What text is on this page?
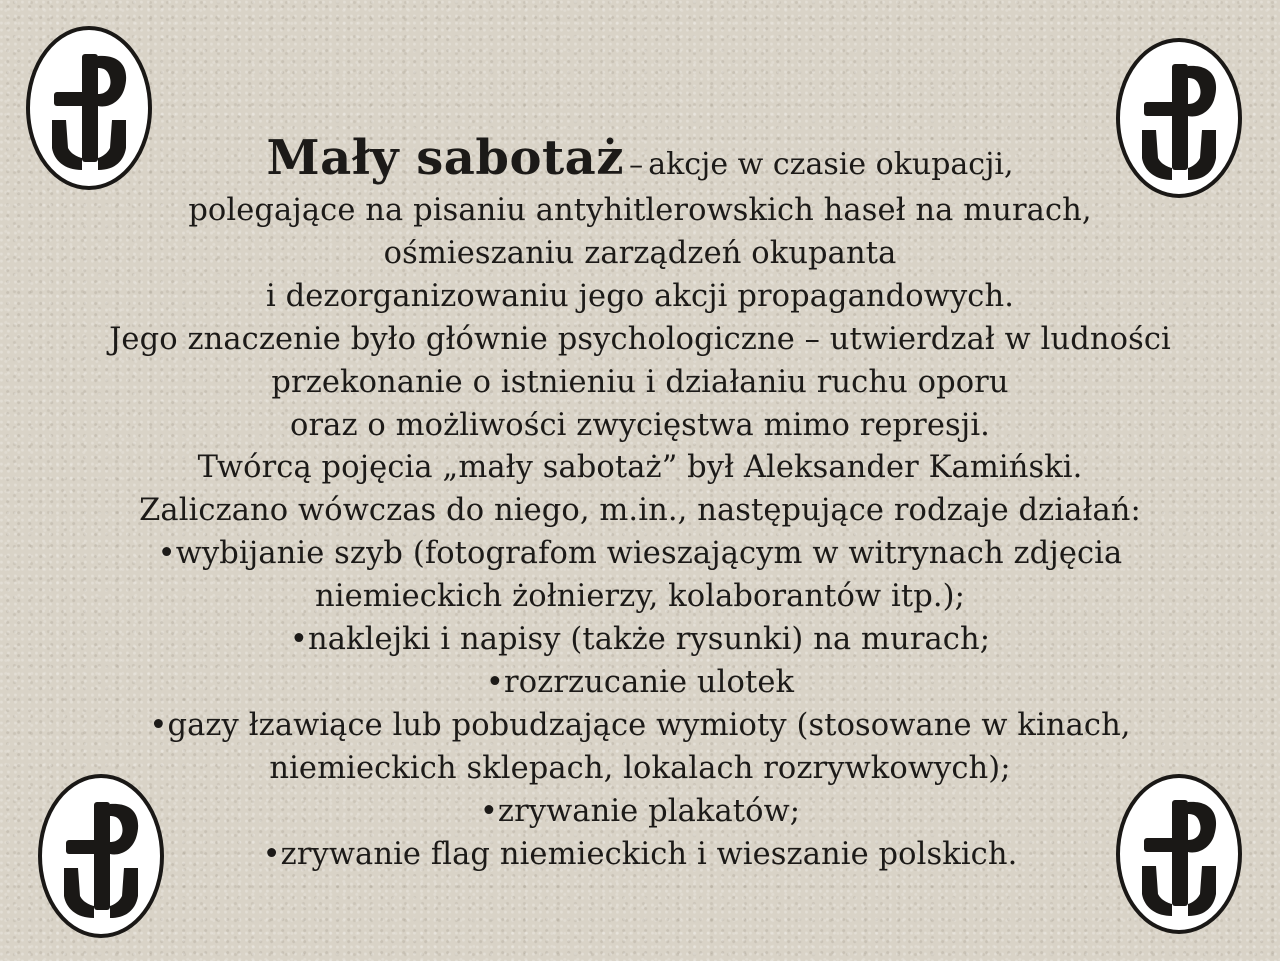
Mały sabotaż – akcje w czasie okupacji,
polegające na pisaniu antyhitlerowskich haseł na murach,
ośmieszaniu zarządzeń okupanta
i dezorganizowaniu jego akcji propagandowych.
Jego znaczenie było głównie psychologiczne – utwierdzał w ludności
przekonanie o istnieniu i działaniu ruchu oporu
oraz o możliwości zwycięstwa mimo represji.
Twórcą pojęcia „mały sabotaż” był Aleksander Kamiński.
Zaliczano wówczas do niego, m.in., następujące rodzaje działań:
•wybijanie szyb (fotografom wieszającym w witrynach zdjęcia
niemieckich żołnierzy, kolaborantów itp.);
•naklejki i napisy (także rysunki) na murach;
•rozrzucanie ulotek
•gazy łzawiące lub pobudzające wymioty (stosowane w kinach,
niemieckich sklepach, lokalach rozrywkowych);
•zrywanie plakatów;
•zrywanie flag niemieckich i wieszanie polskich.
